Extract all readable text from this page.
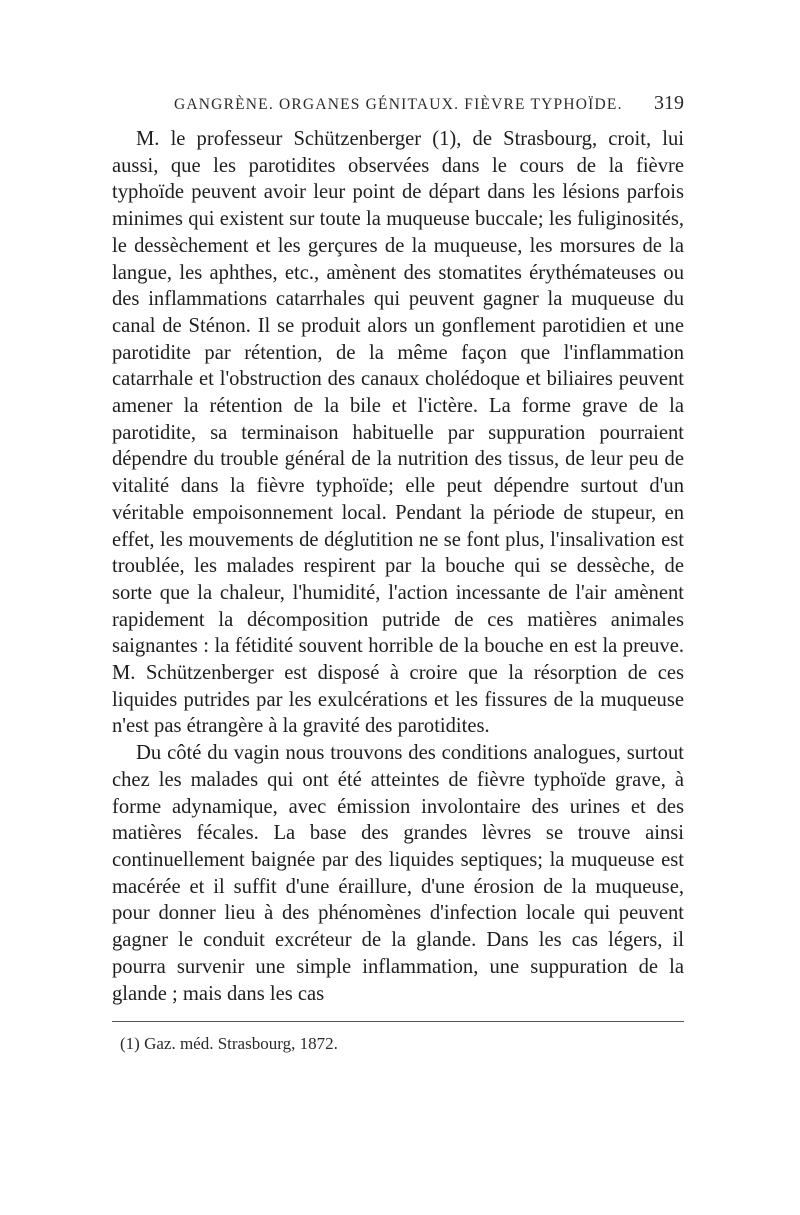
GANGRÈNE. ORGANES GÉNITAUX. FIÈVRE TYPHOÏDE. 319

M. le professeur Schützenberger (1), de Strasbourg, croit, lui aussi, que les parotidites observées dans le cours de la fièvre typhoïde peuvent avoir leur point de départ dans les lésions parfois minimes qui existent sur toute la muqueuse buccale; les fuliginosités, le dessèchement et les gerçures de la muqueuse, les morsures de la langue, les aphthes, etc., amènent des stomatites érythémateuses ou des inflammations catarrhales qui peuvent gagner la muqueuse du canal de Sténon. Il se produit alors un gonflement parotidien et une parotidite par rétention, de la même façon que l'inflammation catarrhale et l'obstruction des canaux cholédoque et biliaires peuvent amener la rétention de la bile et l'ictère. La forme grave de la parotidite, sa terminaison habituelle par suppuration pourraient dépendre du trouble général de la nutrition des tissus, de leur peu de vitalité dans la fièvre typhoïde; elle peut dépendre surtout d'un véritable empoisonnement local. Pendant la période de stupeur, en effet, les mouvements de déglutition ne se font plus, l'insalivation est troublée, les malades respirent par la bouche qui se dessèche, de sorte que la chaleur, l'humidité, l'action incessante de l'air amènent rapidement la décomposition putride de ces matières animales saignantes : la fétidité souvent horrible de la bouche en est la preuve. M. Schützenberger est disposé à croire que la résorption de ces liquides putrides par les exulcérations et les fissures de la muqueuse n'est pas étrangère à la gravité des parotidites.

Du côté du vagin nous trouvons des conditions analogues, surtout chez les malades qui ont été atteintes de fièvre typhoïde grave, à forme adynamique, avec émission involontaire des urines et des matières fécales. La base des grandes lèvres se trouve ainsi continuellement baignée par des liquides septiques; la muqueuse est macérée et il suffit d'une éraillure, d'une érosion de la muqueuse, pour donner lieu à des phénomènes d'infection locale qui peuvent gagner le conduit excréteur de la glande. Dans les cas légers, il pourra survenir une simple inflammation, une suppuration de la glande ; mais dans les cas

(1) Gaz. méd. Strasbourg, 1872.
